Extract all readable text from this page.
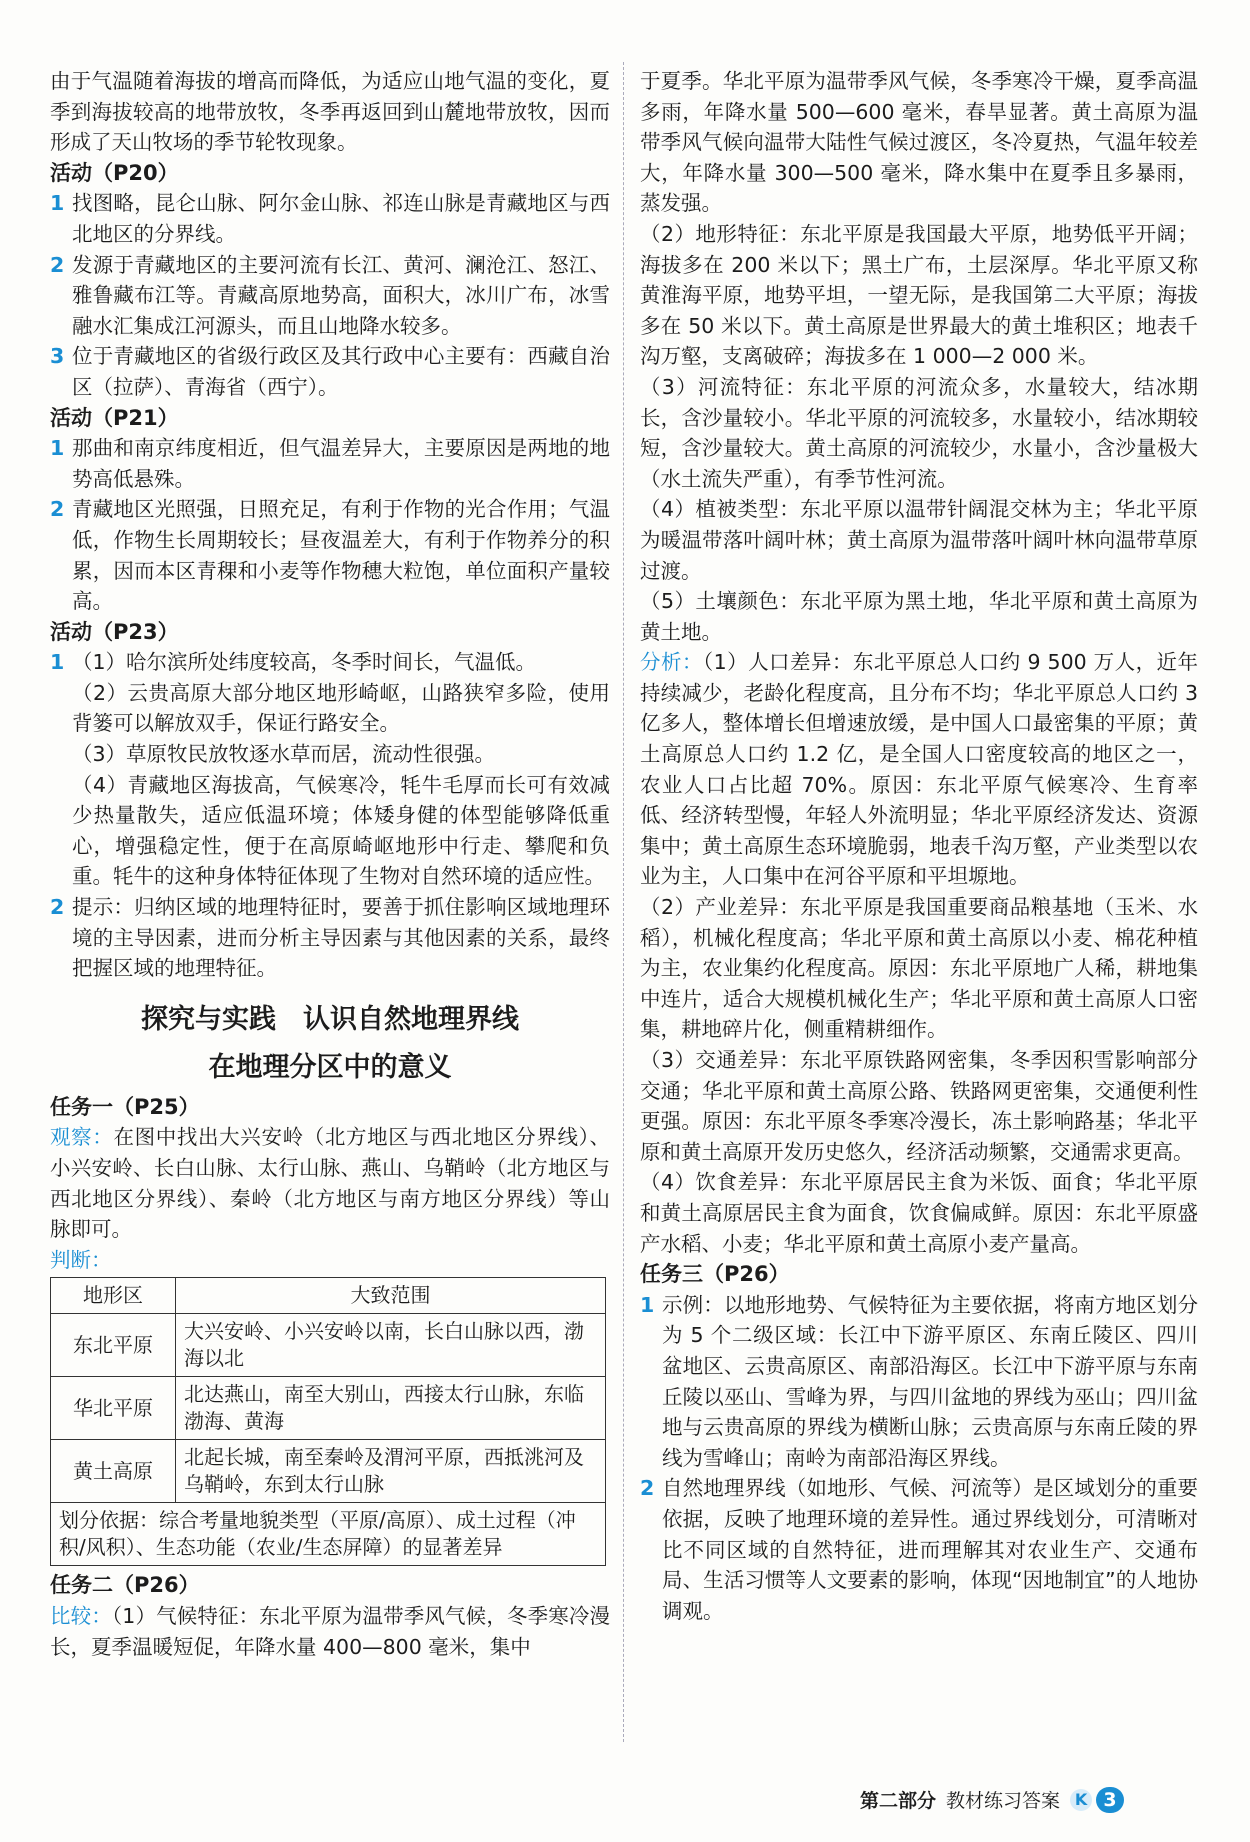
由于气温随着海拔的增高而降低，为适应山地气温的变化，夏季到海拔较高的地带放牧，冬季再返回到山麓地带放牧，因而形成了天山牧场的季节轮牧现象。

活动（P20）
1 找图略，昆仑山脉、阿尔金山脉、祁连山脉是青藏地区与西北地区的分界线。
2 发源于青藏地区的主要河流有长江、黄河、澜沧江、怒江、雅鲁藏布江等。青藏高原地势高，面积大，冰川广布，冰雪融水汇集成江河源头，而且山地降水较多。
3 位于青藏地区的省级行政区及其行政中心主要有：西藏自治区（拉萨）、青海省（西宁）。
活动（P21）
1 那曲和南京纬度相近，但气温差异大，主要原因是两地的地势高低悬殊。
2 青藏地区光照强，日照充足，有利于作物的光合作用；气温低，作物生长周期较长；昼夜温差大，有利于作物养分的积累，因而本区青稞和小麦等作物穗大粒饱，单位面积产量较高。
活动（P23）
1 （1）哈尔滨所处纬度较高，冬季时间长，气温低。

（2）云贵高原大部分地区地形崎岖，山路狭窄多险，使用背篓可以解放双手，保证行路安全。

（3）草原牧民放牧逐水草而居，流动性很强。

（4）青藏地区海拔高，气候寒冷，牦牛毛厚而长可有效减少热量散失，适应低温环境；体矮身健的体型能够降低重心，增强稳定性，便于在高原崎岖地形中行走、攀爬和负重。牦牛的这种身体特征体现了生物对自然环境的适应性。

2 提示：归纳区域的地理特征时，要善于抓住影响区域地理环境的主导因素，进而分析主导因素与其他因素的关系，最终把握区域的地理特征。
探究与实践　认识自然地理界线
在地理分区中的意义
任务一（P25）

观察：在图中找出大兴安岭（北方地区与西北地区分界线）、小兴安岭、长白山脉、太行山脉、燕山、乌鞘岭（北方地区与西北地区分界线）、秦岭（北方地区与南方地区分界线）等山脉即可。

判断：

地形区	大致范围
东北平原	大兴安岭、小兴安岭以南，长白山脉以西，渤海以北
华北平原	北达燕山，南至大别山，西接太行山脉，东临渤海、黄海
黄土高原	北起长城，南至秦岭及渭河平原，西抵洮河及乌鞘岭，东到太行山脉
划分依据：综合考量地貌类型（平原/高原）、成土过程（冲积/风积）、生态功能（农业/生态屏障）的显著差异	
任务二（P26）

比较：（1）气候特征：东北平原为温带季风气候，冬季寒冷漫长，夏季温暖短促，年降水量 400—800 毫米，集中

于夏季。华北平原为温带季风气候，冬季寒冷干燥，夏季高温多雨，年降水量 500—600 毫米，春旱显著。黄土高原为温带季风气候向温带大陆性气候过渡区，冬冷夏热，气温年较差大，年降水量 300—500 毫米，降水集中在夏季且多暴雨，蒸发强。

（2）地形特征：东北平原是我国最大平原，地势低平开阔；海拔多在 200 米以下；黑土广布，土层深厚。华北平原又称黄淮海平原，地势平坦，一望无际，是我国第二大平原；海拔多在 50 米以下。黄土高原是世界最大的黄土堆积区；地表千沟万壑，支离破碎；海拔多在 1 000—2 000 米。

（3）河流特征：东北平原的河流众多，水量较大，结冰期长，含沙量较小。华北平原的河流较多，水量较小，结冰期较短，含沙量较大。黄土高原的河流较少，水量小，含沙量极大（水土流失严重），有季节性河流。

（4）植被类型：东北平原以温带针阔混交林为主；华北平原为暖温带落叶阔叶林；黄土高原为温带落叶阔叶林向温带草原过渡。

（5）土壤颜色：东北平原为黑土地，华北平原和黄土高原为黄土地。

分析：（1）人口差异：东北平原总人口约 9 500 万人，近年持续减少，老龄化程度高，且分布不均；华北平原总人口约 3 亿多人，整体增长但增速放缓，是中国人口最密集的平原；黄土高原总人口约 1.2 亿，是全国人口密度较高的地区之一，农业人口占比超 70%。原因：东北平原气候寒冷、生育率低、经济转型慢，年轻人外流明显；华北平原经济发达、资源集中；黄土高原生态环境脆弱，地表千沟万壑，产业类型以农业为主，人口集中在河谷平原和平坦塬地。

（2）产业差异：东北平原是我国重要商品粮基地（玉米、水稻），机械化程度高；华北平原和黄土高原以小麦、棉花种植为主，农业集约化程度高。原因：东北平原地广人稀，耕地集中连片，适合大规模机械化生产；华北平原和黄土高原人口密集，耕地碎片化，侧重精耕细作。

（3）交通差异：东北平原铁路网密集，冬季因积雪影响部分交通；华北平原和黄土高原公路、铁路网更密集，交通便利性更强。原因：东北平原冬季寒冷漫长，冻土影响路基；华北平原和黄土高原开发历史悠久，经济活动频繁，交通需求更高。

（4）饮食差异：东北平原居民主食为米饭、面食；华北平原和黄土高原居民主食为面食，饮食偏咸鲜。原因：东北平原盛产水稻、小麦；华北平原和黄土高原小麦产量高。

任务三（P26）
1 示例：以地形地势、气候特征为主要依据，将南方地区划分为 5 个二级区域：长江中下游平原区、东南丘陵区、四川盆地区、云贵高原区、南部沿海区。长江中下游平原与东南丘陵以巫山、雪峰为界，与四川盆地的界线为巫山；四川盆地与云贵高原的界线为横断山脉；云贵高原与东南丘陵的界线为雪峰山；南岭为南部沿海区界线。
2 自然地理界线（如地形、气候、河流等）是区域划分的重要依据，反映了地理环境的差异性。通过界线划分，可清晰对比不同区域的自然特征，进而理解其对农业生产、交通布局、生活习惯等人文要素的影响，体现“因地制宜”的人地协调观。
第二部分 教材练习答案 K 3
